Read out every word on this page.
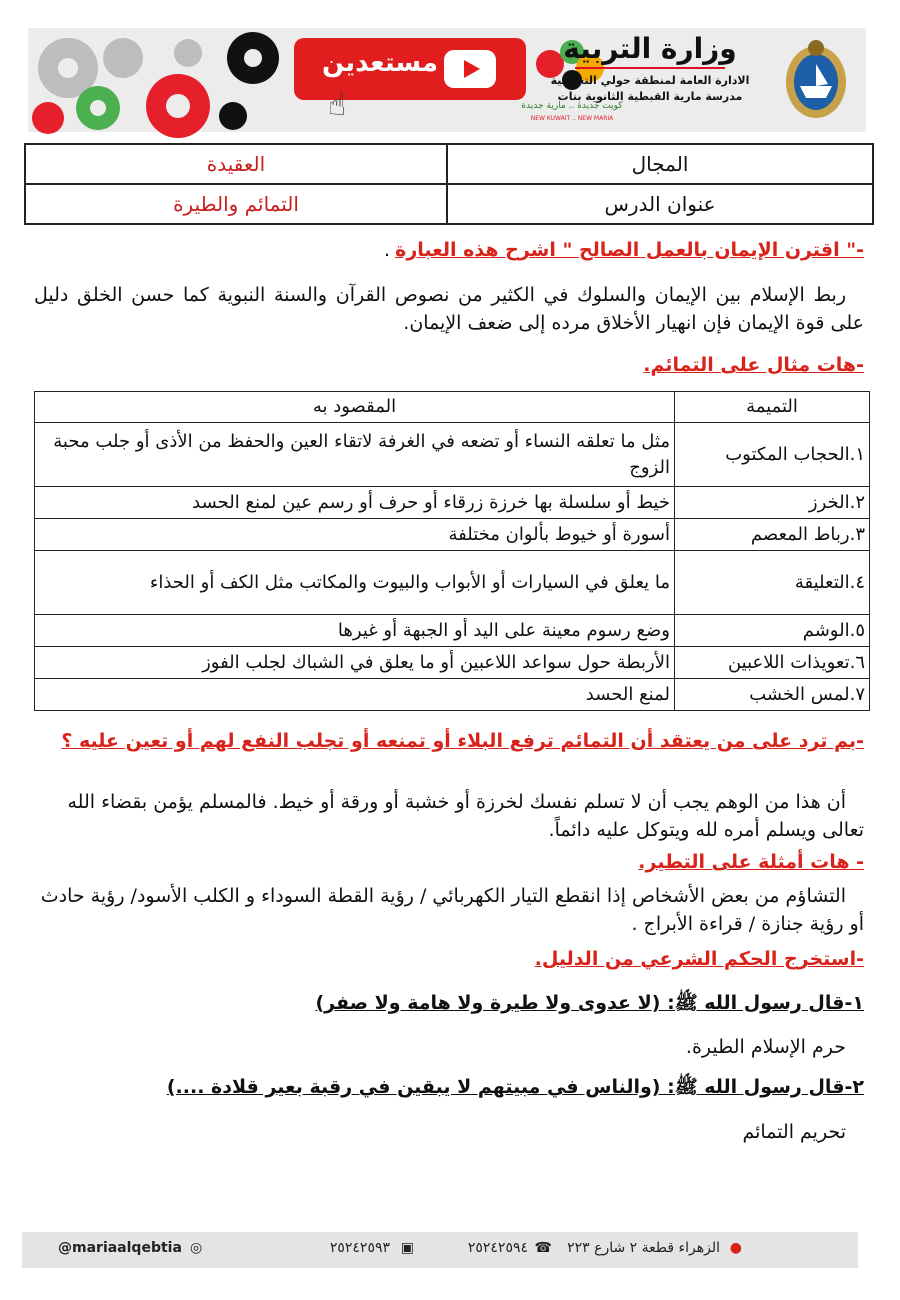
مستعدين
☝	كويت جديدة .. مارية جديدة
NEW KUWAIT .. NEW MARIA
وزارة التربية
الادارة العامة لمنطقة حولي التعليمية
مدرسة مارية القبطية الثانوية بنات
المجال	العقيدة
عنوان الدرس	التمائم والطيرة
-" اقترن الإيمان بالعمل الصالح " اشرح هذه العبارة .
ربط الإسلام بين الإيمان والسلوك في الكثير من نصوص القرآن والسنة النبوية كما حسن الخلق دليل على قوة الإيمان فإن انهيار الأخلاق مرده إلى ضعف الإيمان.
-هات مثال على التمائم.
التميمة	المقصود به
١.الحجاب المكتوب	مثل ما تعلقه النساء أو تضعه في الغرفة لاتقاء العين والحفظ من الأذى أو جلب محبة الزوج
٢.الخرز	خيط أو سلسلة بها خرزة زرقاء أو حرف أو رسم عين لمنع الحسد
٣.رباط المعصم	أسورة أو خيوط بألوان مختلفة
٤.التعليقة	ما يعلق في السيارات أو الأبواب والبيوت والمكاتب مثل الكف أو الحذاء
٥.الوشم	وضع رسوم معينة على اليد أو الجبهة أو غيرها
٦.تعويذات اللاعبين	الأربطة حول سواعد اللاعبين أو ما يعلق في الشباك لجلب الفوز
٧.لمس الخشب	لمنع الحسد
-بم ترد على من يعتقد أن التمائم ترفع البلاء أو تمنعه أو تجلب النفع لهم أو تعين عليه ؟
أن هذا من الوهم يجب أن لا تسلم نفسك لخرزة أو خشبة أو ورقة أو خيط. فالمسلم يؤمن بقضاء الله تعالى ويسلم أمره لله ويتوكل عليه دائماً.
- هات أمثلة على التطير.
التشاؤم من بعض الأشخاص إذا انقطع التيار الكهربائي / رؤية القطة السوداء و الكلب الأسود/ رؤية حادث أو رؤية جنازة / قراءة الأبراج .
-استخرج الحكم الشرعي من الدليل.
١-قال رسول الله ﷺ: (لا عدوى ولا طيرة ولا هامة ولا صفر)
حرم الإسلام الطيرة.
٢-قال رسول الله ﷺ: (والناس في مبيتهم لا يبقين في رقبة بعير قلادة ....)
تحريم التمائم
الزهراء قطعة ٢ شارع ٢٢٣ ●
٢٥٢٤٢٥٩٤ ☎
٢٥٢٤٢٥٩٣ ▣
◎
@mariaalqebtia
